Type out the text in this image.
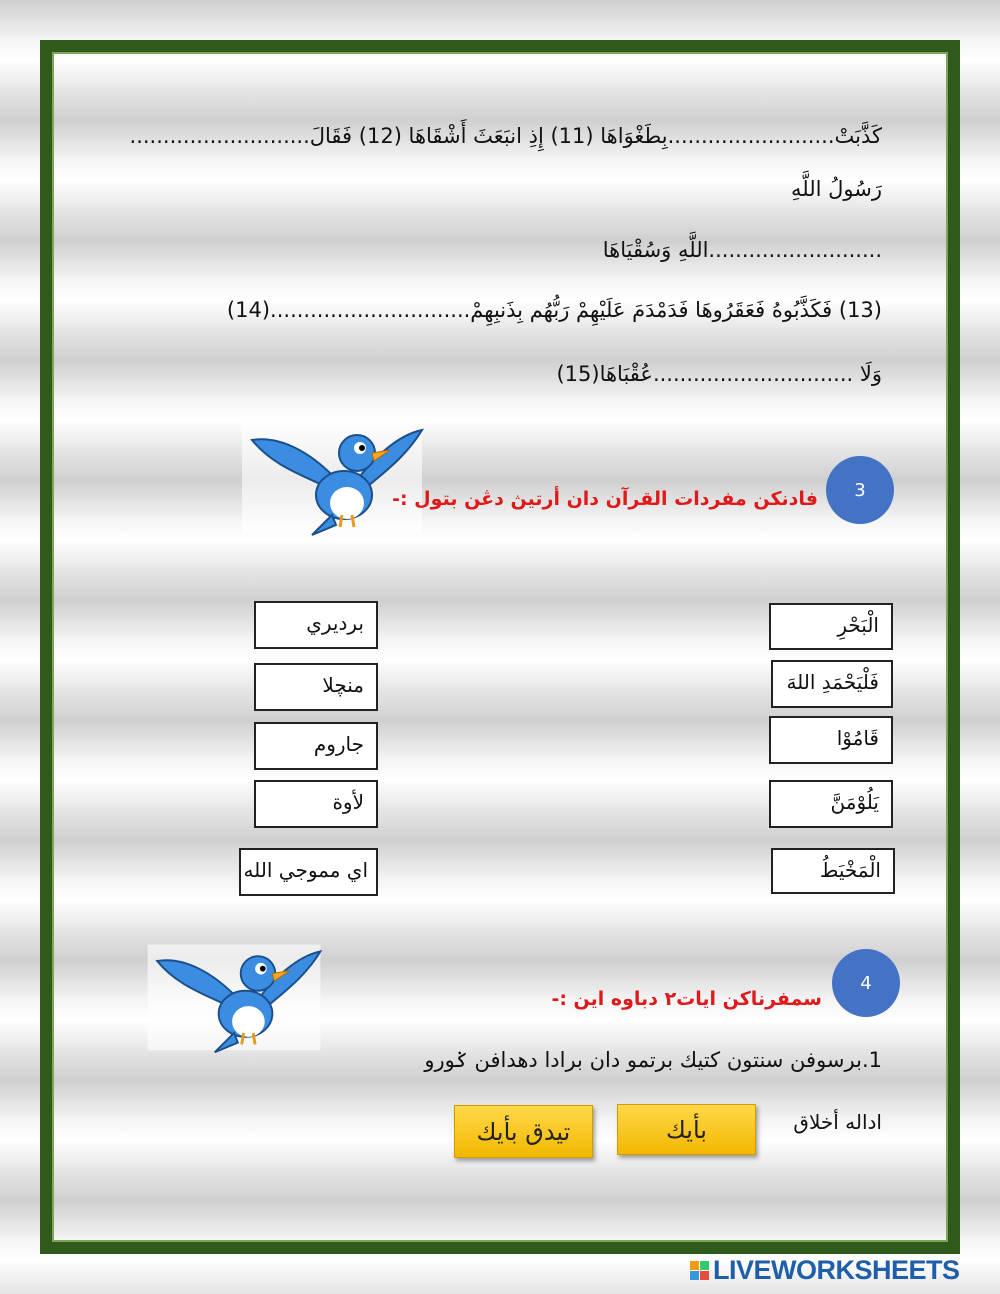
كَذَّبَتْ.........................بِطَغْوَاهَا (11) إِذِ انبَعَثَ أَشْقَاهَا (12) فَقَالَ...........................
رَسُولُ اللَّهِ
..........................اللَّهِ وَسُقْيَاهَا
(13) فَكَذَّبُوهُ فَعَقَرُوهَا فَدَمْدَمَ عَلَيْهِمْ رَبُّهُم بِذَنبِهِمْ..............................(14)
وَلَا ..............................عُقْبَاهَا(15)
3
فادنكن مفردات القرآن دان أرتيڽ دڠن بتول :-
الْبَحْرِ
فَلْيَحْمَدِ اللهَ
قَامُوْا
يَلُوْمَنَّ
الْمَخْيَطُ
برديري
منچلا
جاروم
لأوة
اي مموجي الله
4
سمفرناكن ايات٢ دباوه اين :-
1.برسوفن سنتون كتيك برتمو دان برادا دهدافن ݢورو
اداله أخلاق
بأيك
تيدق بأيك
LIVEWORKSHEETS
